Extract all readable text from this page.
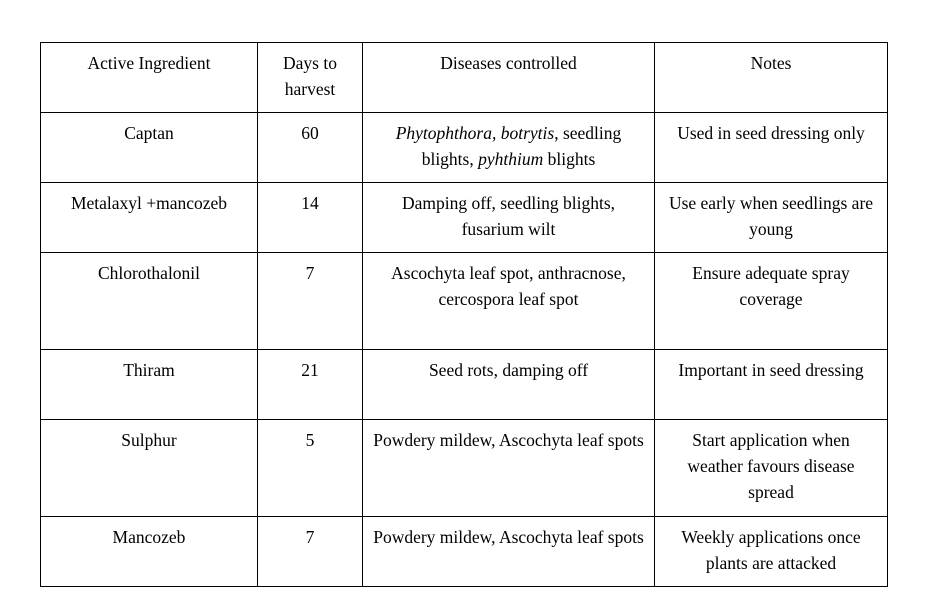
Active Ingredient	Days to harvest	Diseases controlled	Notes
Captan	60	Phytophthora, botrytis, seedling blights, pyhthium blights	Used in seed dressing only
Metalaxyl +mancozeb	14	Damping off, seedling blights, fusarium wilt	Use early when seedlings are young
Chlorothalonil	7	Ascochyta leaf spot, anthracnose, cercospora leaf spot	Ensure adequate spray coverage
Thiram	21	Seed rots, damping off	Important in seed dressing
Sulphur	5	Powdery mildew, Ascochyta leaf spots	Start application when weather favours disease spread
Mancozeb	7	Powdery mildew, Ascochyta leaf spots	Weekly applications once plants are attacked
